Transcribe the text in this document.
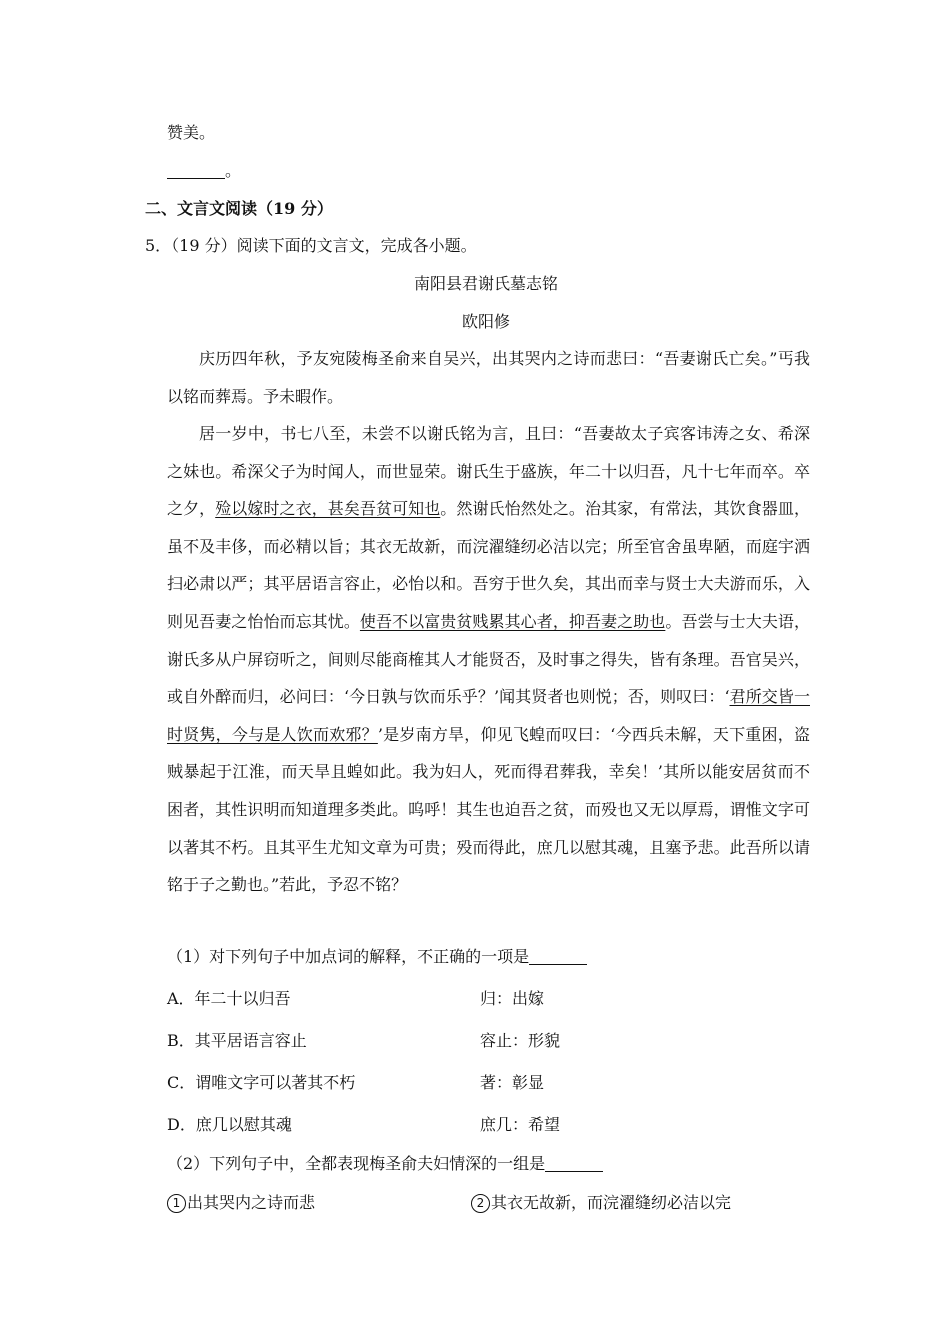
赞美。
。
二、文言文阅读（19 分）
5．（19 分）阅读下面的文言文，完成各小题。
南阳县君谢氏墓志铭
欧阳修

庆历四年秋，予友宛陵梅圣俞来自吴兴，出其哭内之诗而悲曰：“吾妻谢氏亡矣。”丐我以铭而葬焉。予未暇作。

居一岁中，书七八至，未尝不以谢氏铭为言，且曰：“吾妻故太子宾客讳涛之女、希深之妹也。希深父子为时闻人，而世显荣。谢氏生于盛族，年二十以归吾，凡十七年而卒。卒之夕，殓以嫁时之衣，甚矣吾贫可知也。然谢氏怡然处之。治其家，有常法，其饮食器皿，虽不及丰侈，而必精以旨；其衣无故新，而浣濯缝纫必洁以完；所至官舍虽卑陋，而庭宇洒扫必肃以严；其平居语言容止，必怡以和。吾穷于世久矣，其出而幸与贤士大夫游而乐，入则见吾妻之怡怡而忘其忧。使吾不以富贵贫贱累其心者，抑吾妻之助也。吾尝与士大夫语，谢氏多从户屏窃听之，间则尽能商榷其人才能贤否，及时事之得失，皆有条理。吾官吴兴，或自外醉而归，必问曰：‘今日孰与饮而乐乎？’闻其贤者也则悦；否，则叹曰：‘君所交皆一时贤隽，今与是人饮而欢邪？’是岁南方旱，仰见飞蝗而叹曰：‘今西兵未解，天下重困，盗贼暴起于江淮，而天旱且蝗如此。我为妇人，死而得君葬我，幸矣！’其所以能安居贫而不困者，其性识明而知道理多类此。呜呼！其生也迫吾之贫，而殁也又无以厚焉，谓惟文字可以著其不朽。且其平生尤知文章为可贵；殁而得此，庶几以慰其魂，且塞予悲。此吾所以请铭于子之勤也。”若此，予忍不铭？

（1）对下列句子中加点词的解释，不正确的一项是
A．年二十以归吾	归：出嫁
B．其平居语言容止	容止：形貌
C．谓唯文字可以著其不朽	著：彰显
D．庶几以慰其魂	庶几：希望
（2）下列句子中，全都表现梅圣俞夫妇情深的一组是
1 出其哭内之诗而悲	2 其衣无故新，而浣濯缝纫必洁以完
